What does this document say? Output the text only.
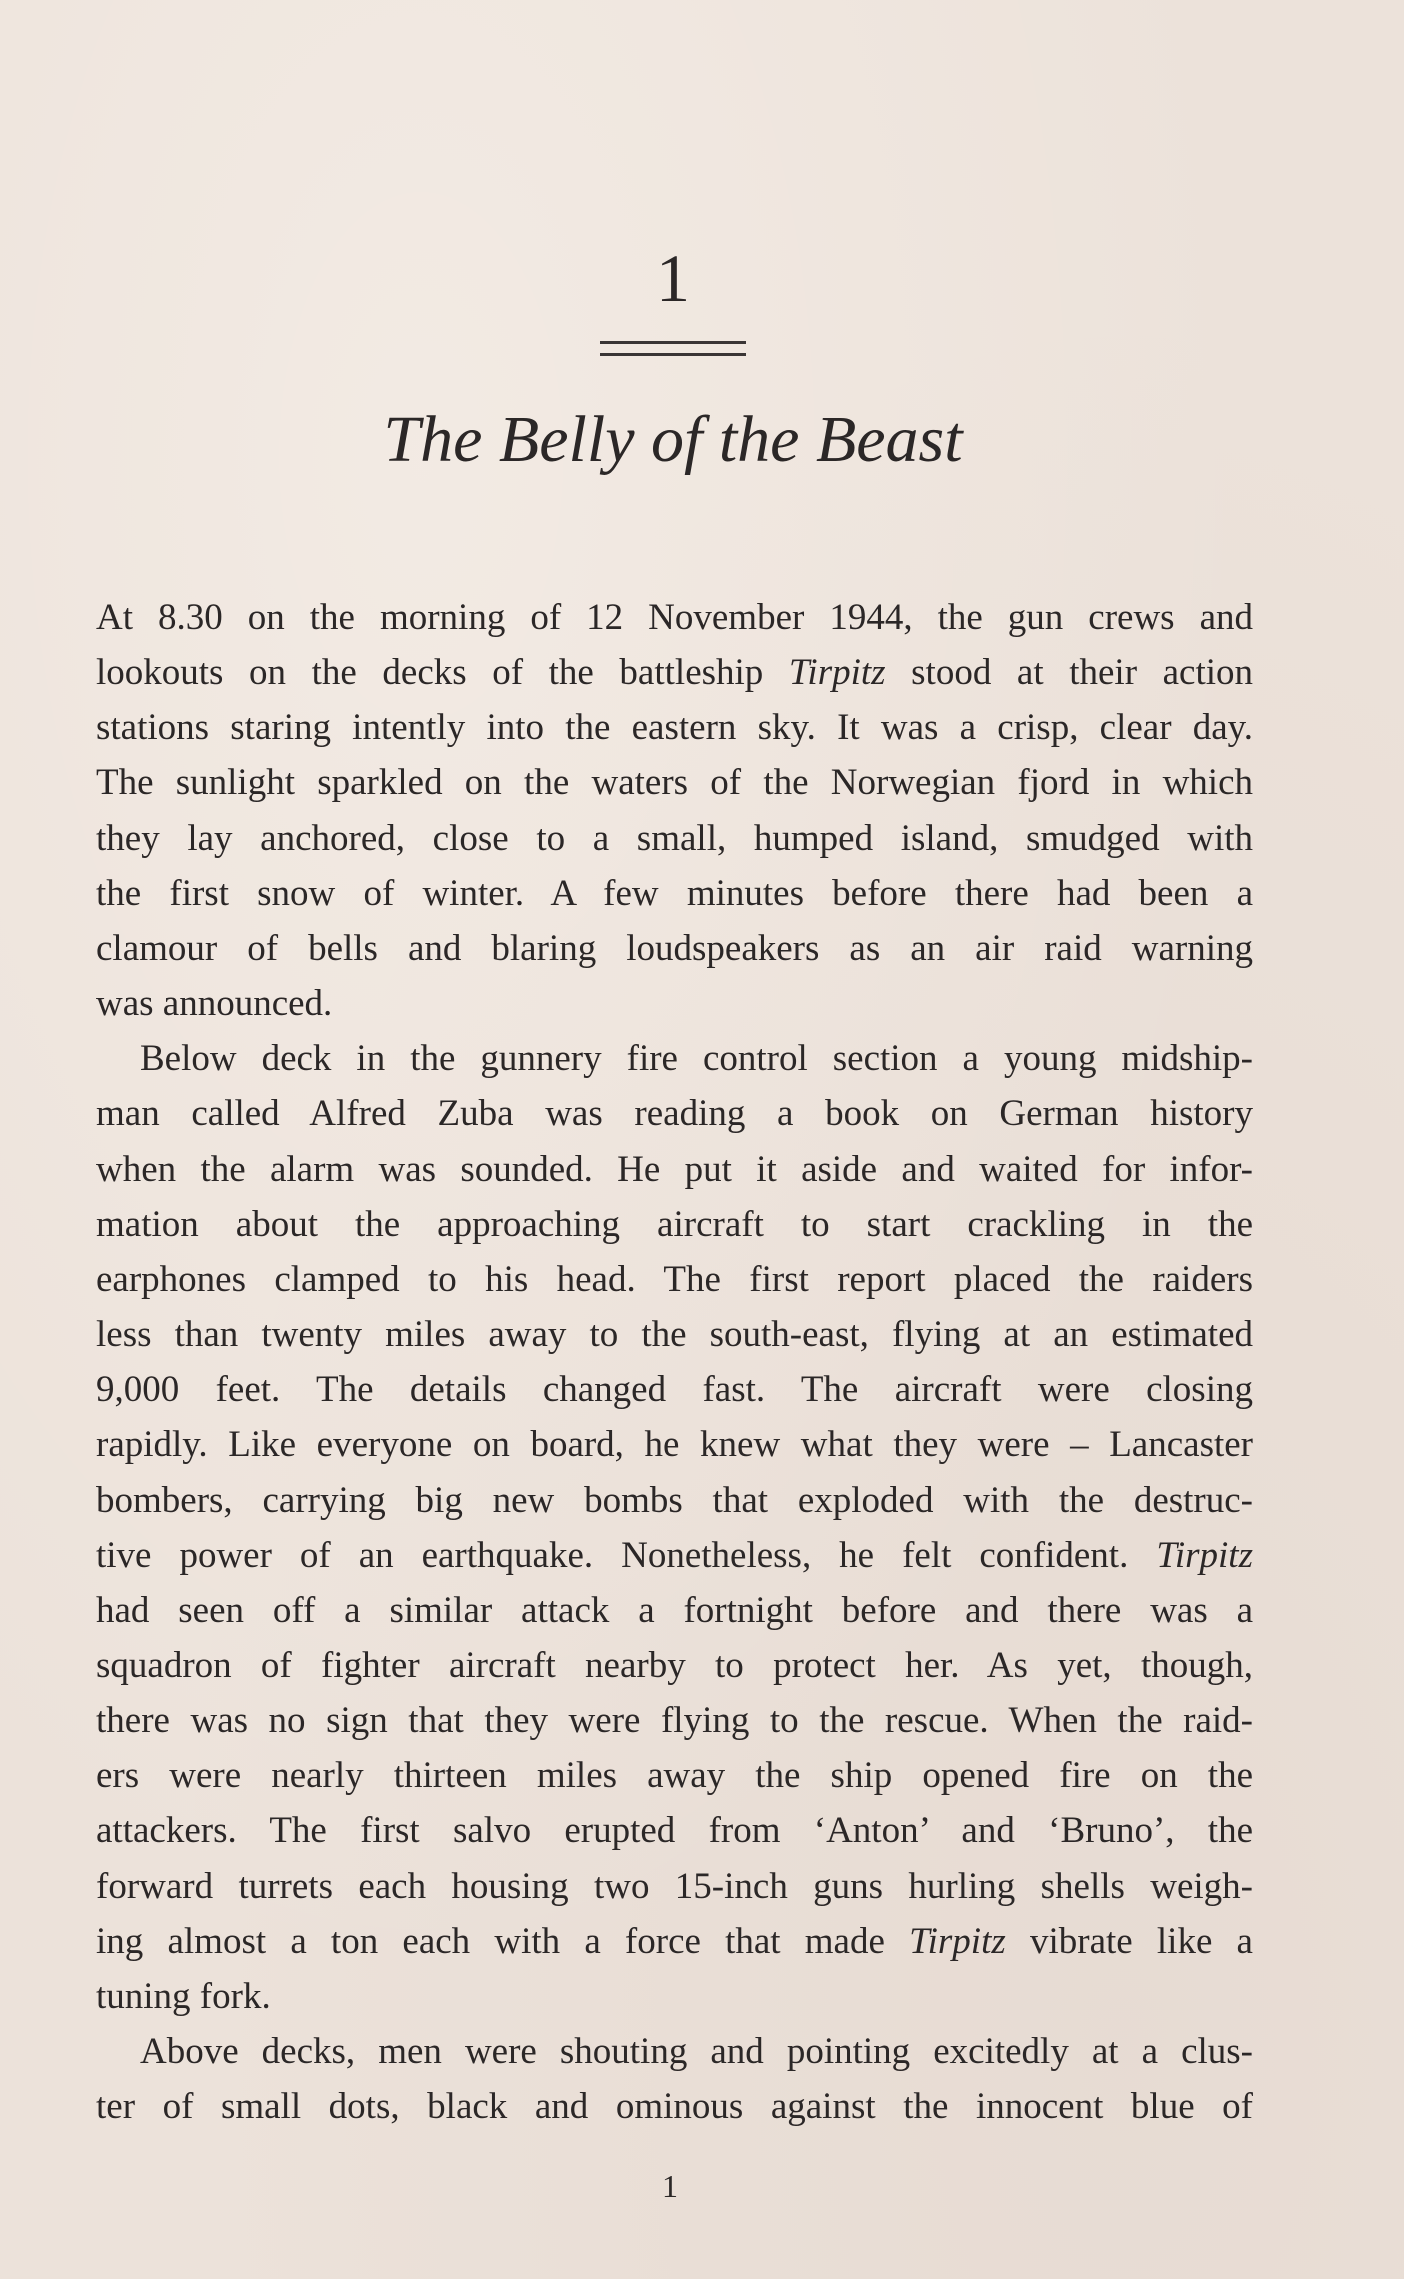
1
The Belly of the Beast
At 8.30 on the morning of 12 November 1944, the gun crews and
lookouts on the decks of the battleship Tirpitz stood at their action
stations staring intently into the eastern sky. It was a crisp, clear day.
The sunlight sparkled on the waters of the Norwegian fjord in which
they lay anchored, close to a small, humped island, smudged with
the first snow of winter. A few minutes before there had been a
clamour of bells and blaring loudspeakers as an air raid warning
was announced.
Below deck in the gunnery fire control section a young midship-
man called Alfred Zuba was reading a book on German history
when the alarm was sounded. He put it aside and waited for infor-
mation about the approaching aircraft to start crackling in the
earphones clamped to his head. The first report placed the raiders
less than twenty miles away to the south-east, flying at an estimated
9,000 feet. The details changed fast. The aircraft were closing
rapidly. Like everyone on board, he knew what they were – Lancaster
bombers, carrying big new bombs that exploded with the destruc-
tive power of an earthquake. Nonetheless, he felt confident. Tirpitz
had seen off a similar attack a fortnight before and there was a
squadron of fighter aircraft nearby to protect her. As yet, though,
there was no sign that they were flying to the rescue. When the raid-
ers were nearly thirteen miles away the ship opened fire on the
attackers. The first salvo erupted from ‘Anton’ and ‘Bruno’, the
forward turrets each housing two 15-inch guns hurling shells weigh-
ing almost a ton each with a force that made Tirpitz vibrate like a
tuning fork.
Above decks, men were shouting and pointing excitedly at a clus-
ter of small dots, black and ominous against the innocent blue of
1
